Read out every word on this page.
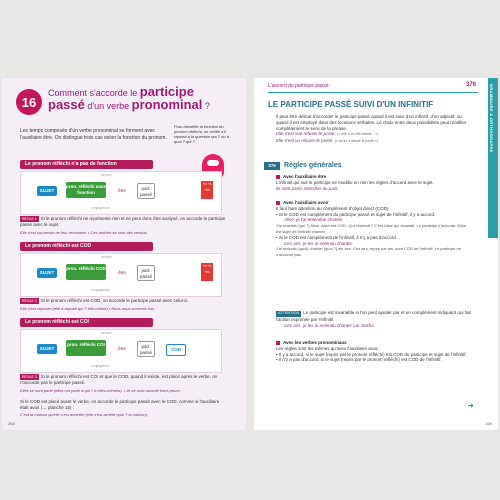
16
Comment s'accorde le participe
passé d'un verbe pronominal ?
Pour identifier la fonction du pronom réfléchi, on vérifie s'il répond à la question qui ? ou à quoi ? qui ?
Les temps composés d'un verbe pronominal se forment avec l'auxiliaire être. On distingue trois cas selon la fonction du pronom.
Le pronom réfléchi n'a pas de fonction
accord
SUJET
pron. réfléchi sans fonction	être	part. passé
+e +s +es
conjugaison
RÈGLE 1 Si le pronom réfléchi ne représente rien et ne peut donc être analysé, on accorde le participe passé avec le sujet.
Elle s'est souvenue de leur rencontre. • Ces articles se sont vite vendus.
Le pronom réfléchi est COD
accord
SUJET
pron. réfléchi COD
être	part. passé
+e +s +es
conjugaison
RÈGLE 2 Si le pronom réfléchi est COD, on accorde le participe passé avec celui-ci.
Elle s'est reposée (elle a reposé qui ? elle-même) • Nous nous sommes vus.
Le pronom réfléchi est COI
accord
SUJET
pron. réfléchi COI
être	part. passé
COD
conjugaison
RÈGLE 3 Si le pronom réfléchi est COI et que le COD, quand il existe, est placé après le verbe, on n'accorde pas le participe passé.
Elles se sont parlé (elles ont parlé à qui ? à elles-mêmes). • Ils se sont raconté leurs peurs.
Si le COD est placé avant le verbe, on accorde le participe passé avec le COD, comme si l'auxiliaire était avoir (→ planche 15) :
C'est la maison qu'elle s'est achetée (elle s'est acheté quoi ? la maison).
268
L'accord du participe passé	376	GRAMMAIRE & ORTHOGRAPHE
LE PARTICIPE PASSÉ SUIVI D'UN INFINITIF
Il peut être délicat d'accorder le participe passé quand il est suivi d'un infinitif, d'un adjectif, ou quand il est employé dans des locutions verbales. Le choix entre deux possibilités peut modifier complètement le sens de la phrase.
Elle s'est vue refuser le poste. (« elle a vu elle-même... »)
Elle s'est vu refuser le poste. (« on lui a refusé le poste »)
376	Règles générales
Avec l'auxiliaire être
L'infinitif qui suit le participe ne modifie en rien les règles d'accord avec le sujet.
Ils sont partis chercher du pain.
Avec l'auxiliaire avoir
Il faut faire attention au complément d'objet direct (COD).
• Si le COD est complément du participe passé et sujet de l'infinitif, il y a accord.
Alice, je l'ai entendue chanter.
J'ai entendu [qui ?] Alice. Alice est COD. Qui chantait ? C'est Alice qui chantait. Le participe s'accorde. Alice est sujet de l'infinitif chanter.
• Si le COD est complément de l'infinitif, il n'y a pas d'accord.
Ces airs, je les ai entendu chanter.
J'ai entendu [quoi] chanter [quoi ?] les airs. Ces airs, repris par les, sont COD de l'infinitif. Le participe ne s'accorde pas.
ATTENTION Le participe est invariable si l'on peut ajouter par et un complément indiquant qui fait l'action exprimée par l'infinitif.
Ces airs, je les ai entendu chanter par Sasha.
Avec les verbes pronominaux
Les règles sont les mêmes qu'avec l'auxiliaire avoir :
• Il y a accord, si le sujet (repris par le pronom réfléchi) est COD du participe et sujet de l'infinitif.
• Il n'y a pas d'accord, si le sujet (repris par le pronom réfléchi) est COD de l'infinitif.
➜
269
